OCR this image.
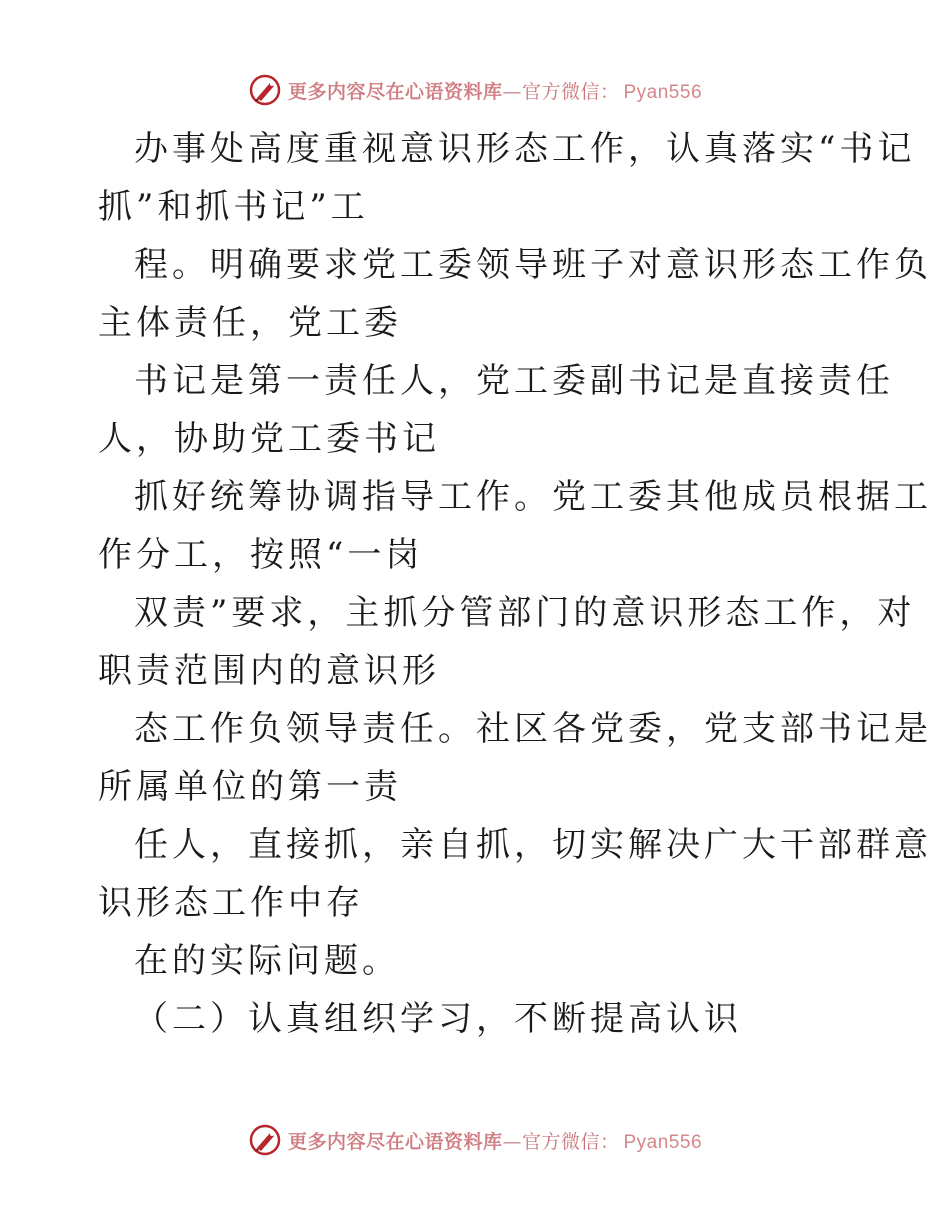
更多内容尽在心语资料库 — 官方微信： Pyan556
办事处高度重视意识形态工作，认真落实“书记
抓”和抓书记”工
程。明确要求党工委领导班子对意识形态工作负
主体责任，党工委
书记是第一责任人，党工委副书记是直接责任
人，协助党工委书记
抓好统筹协调指导工作。党工委其他成员根据工
作分工，按照“一岗
双责”要求，主抓分管部门的意识形态工作，对
职责范围内的意识形
态工作负领导责任。社区各党委，党支部书记是
所属单位的第一责
任人，直接抓，亲自抓，切实解决广大干部群意
识形态工作中存
在的实际问题。
（二）认真组织学习，不断提高认识
更多内容尽在心语资料库 — 官方微信： Pyan556
